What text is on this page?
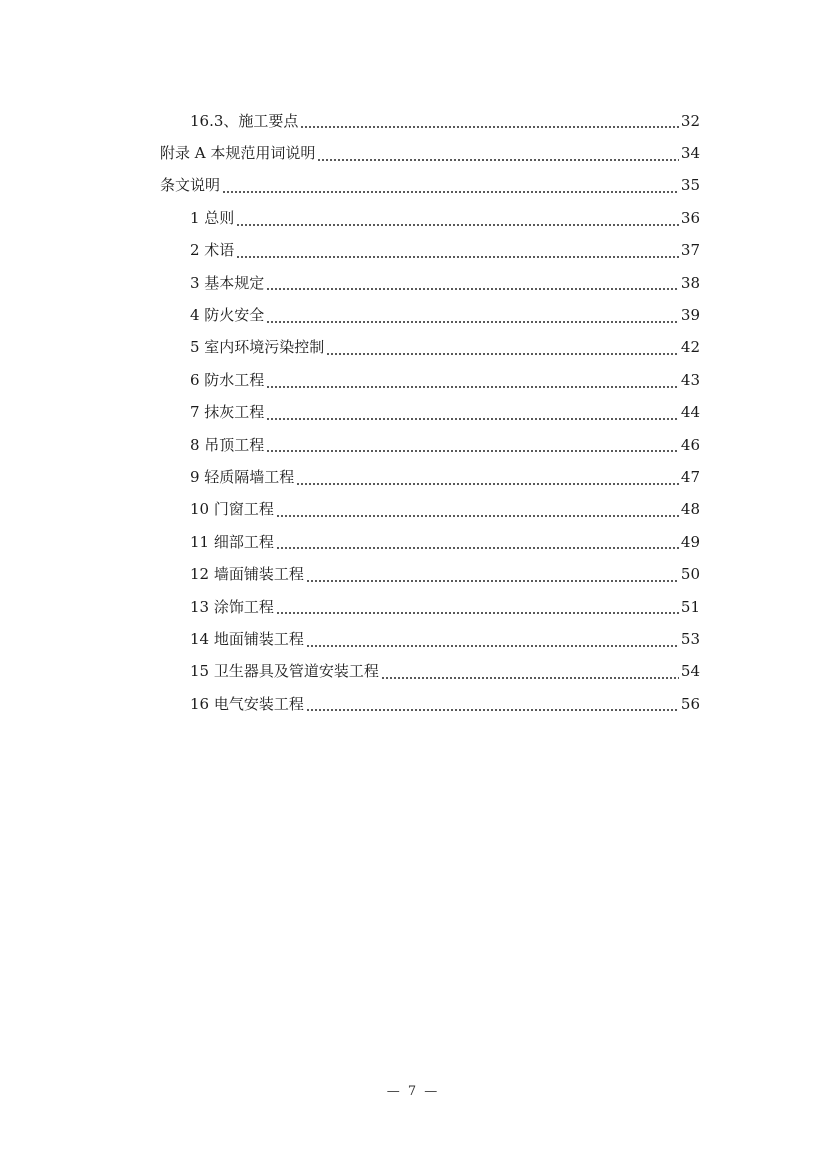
16.3、施工要点	32
附录 A 本规范用词说明	34
条文说明	35
1 总则	36
2 术语	37
3 基本规定	38
4 防火安全	39
5 室内环境污染控制	42
6 防水工程	43
7 抹灰工程	44
8 吊顶工程	46
9 轻质隔墙工程	47
10 门窗工程	48
11 细部工程	49
12 墙面铺装工程	50
13 涂饰工程	51
14 地面铺装工程	53
15 卫生器具及管道安装工程	54
16 电气安装工程	56
— 7 —
